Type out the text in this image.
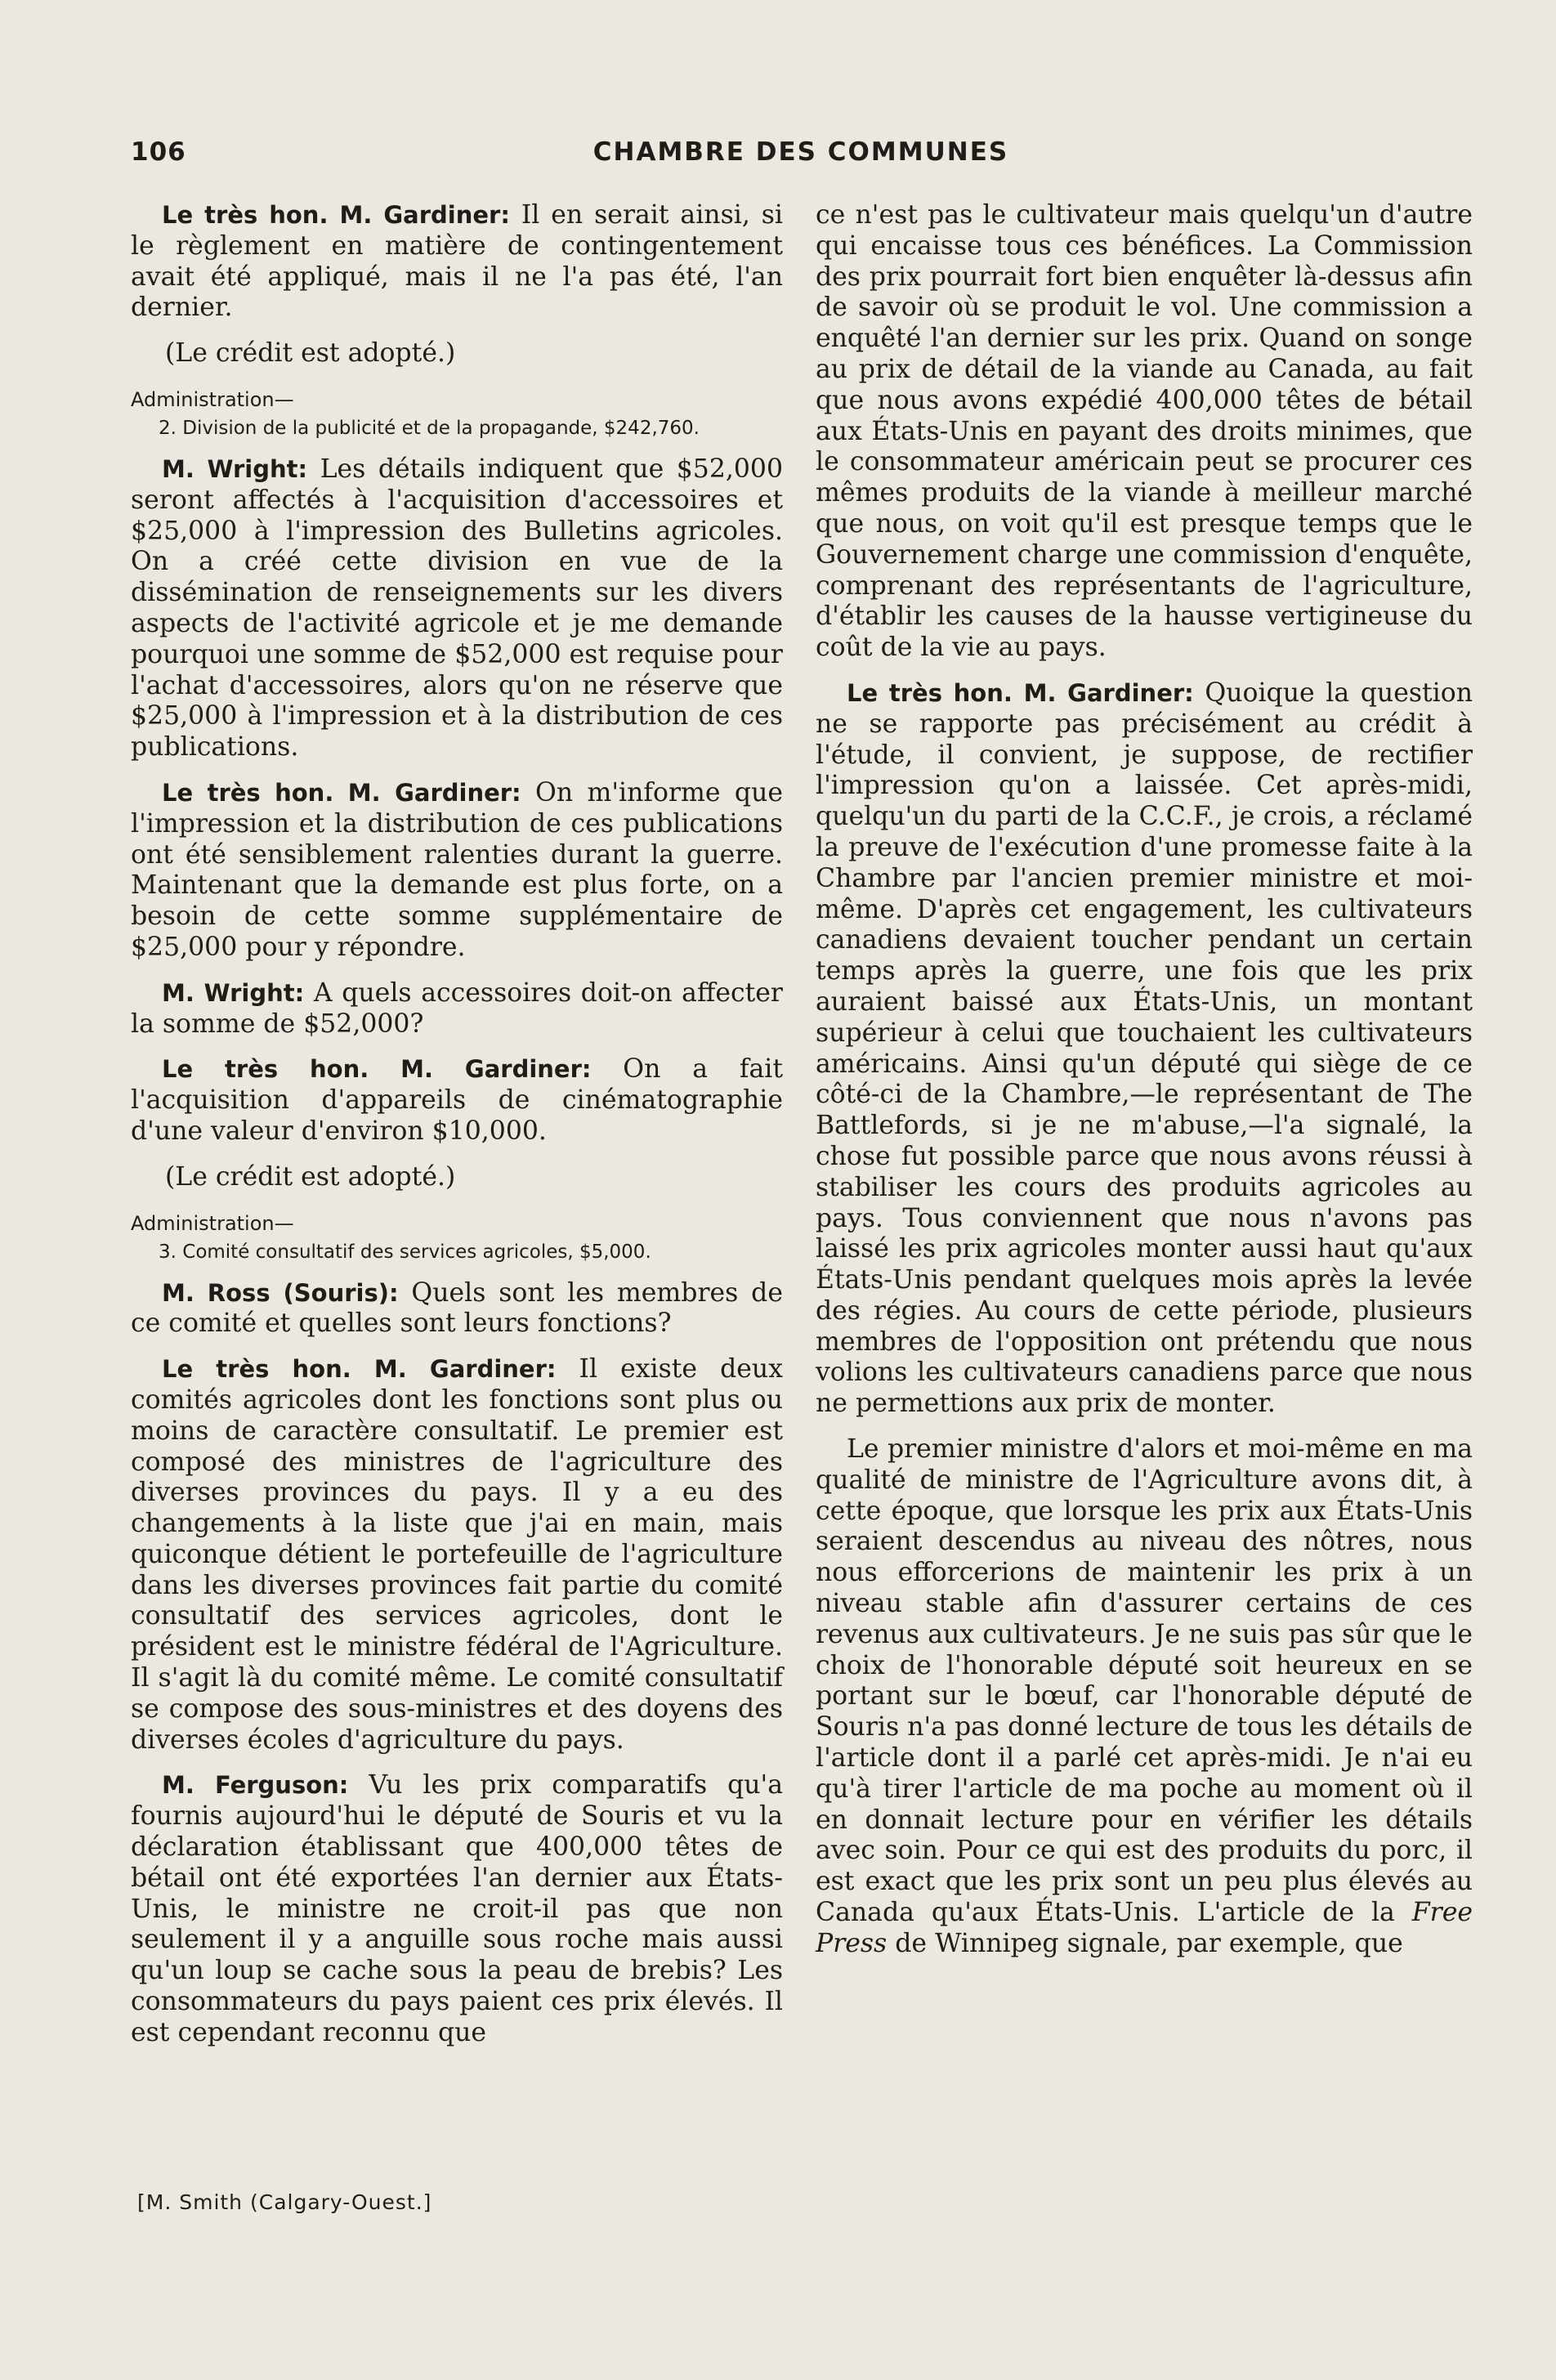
106	CHAMBRE DES COMMUNES

Le très hon. M. Gardiner: Il en serait ainsi, si le règlement en matière de contingentement avait été appliqué, mais il ne l'a pas été, l'an dernier.

(Le crédit est adopté.)

Administration—
2. Division de la publicité et de la propagande, $242,760.

M. Wright: Les détails indiquent que $52,000 seront affectés à l'acquisition d'accessoires et $25,000 à l'impression des Bulletins agricoles. On a créé cette division en vue de la dissémination de renseignements sur les divers aspects de l'activité agricole et je me demande pourquoi une somme de $52,000 est requise pour l'achat d'accessoires, alors qu'on ne réserve que $25,000 à l'impression et à la distribution de ces publications.

Le très hon. M. Gardiner: On m'informe que l'impression et la distribution de ces publications ont été sensiblement ralenties durant la guerre. Maintenant que la demande est plus forte, on a besoin de cette somme supplémentaire de $25,000 pour y répondre.

M. Wright: A quels accessoires doit-on affecter la somme de $52,000?

Le très hon. M. Gardiner: On a fait l'acquisition d'appareils de cinématographie d'une valeur d'environ $10,000.

(Le crédit est adopté.)

Administration—
3. Comité consultatif des services agricoles, $5,000.

M. Ross (Souris): Quels sont les membres de ce comité et quelles sont leurs fonctions?

Le très hon. M. Gardiner: Il existe deux comités agricoles dont les fonctions sont plus ou moins de caractère consultatif. Le premier est composé des ministres de l'agriculture des diverses provinces du pays. Il y a eu des changements à la liste que j'ai en main, mais quiconque détient le portefeuille de l'agriculture dans les diverses provinces fait partie du comité consultatif des services agricoles, dont le président est le ministre fédéral de l'Agriculture. Il s'agit là du comité même. Le comité consultatif se compose des sous-ministres et des doyens des diverses écoles d'agriculture du pays.

M. Ferguson: Vu les prix comparatifs qu'a fournis aujourd'hui le député de Souris et vu la déclaration établissant que 400,000 têtes de bétail ont été exportées l'an dernier aux États-Unis, le ministre ne croit-il pas que non seulement il y a anguille sous roche mais aussi qu'un loup se cache sous la peau de brebis? Les consommateurs du pays paient ces prix élevés. Il est cependant reconnu que

ce n'est pas le cultivateur mais quelqu'un d'autre qui encaisse tous ces bénéfices. La Commission des prix pourrait fort bien enquêter là-dessus afin de savoir où se produit le vol. Une commission a enquêté l'an dernier sur les prix. Quand on songe au prix de détail de la viande au Canada, au fait que nous avons expédié 400,000 têtes de bétail aux États-Unis en payant des droits minimes, que le consommateur américain peut se procurer ces mêmes produits de la viande à meilleur marché que nous, on voit qu'il est presque temps que le Gouvernement charge une commission d'enquête, comprenant des représentants de l'agriculture, d'établir les causes de la hausse vertigineuse du coût de la vie au pays.

Le très hon. M. Gardiner: Quoique la question ne se rapporte pas précisément au crédit à l'étude, il convient, je suppose, de rectifier l'impression qu'on a laissée. Cet après-midi, quelqu'un du parti de la C.C.F., je crois, a réclamé la preuve de l'exécution d'une promesse faite à la Chambre par l'ancien premier ministre et moi-même. D'après cet engagement, les cultivateurs canadiens devaient toucher pendant un certain temps après la guerre, une fois que les prix auraient baissé aux États-Unis, un montant supérieur à celui que touchaient les cultivateurs américains. Ainsi qu'un député qui siège de ce côté-ci de la Chambre,—le représentant de The Battlefords, si je ne m'abuse,—l'a signalé, la chose fut possible parce que nous avons réussi à stabiliser les cours des produits agricoles au pays. Tous conviennent que nous n'avons pas laissé les prix agricoles monter aussi haut qu'aux États-Unis pendant quelques mois après la levée des régies. Au cours de cette période, plusieurs membres de l'opposition ont prétendu que nous volions les cultivateurs canadiens parce que nous ne permettions aux prix de monter.

Le premier ministre d'alors et moi-même en ma qualité de ministre de l'Agriculture avons dit, à cette époque, que lorsque les prix aux États-Unis seraient descendus au niveau des nôtres, nous nous efforcerions de maintenir les prix à un niveau stable afin d'assurer certains de ces revenus aux cultivateurs. Je ne suis pas sûr que le choix de l'honorable député soit heureux en se portant sur le bœuf, car l'honorable député de Souris n'a pas donné lecture de tous les détails de l'article dont il a parlé cet après-midi. Je n'ai eu qu'à tirer l'article de ma poche au moment où il en donnait lecture pour en vérifier les détails avec soin. Pour ce qui est des produits du porc, il est exact que les prix sont un peu plus élevés au Canada qu'aux États-Unis. L'article de la Free Press de Winnipeg signale, par exemple, que

[M. Smith (Calgary-Ouest.]
